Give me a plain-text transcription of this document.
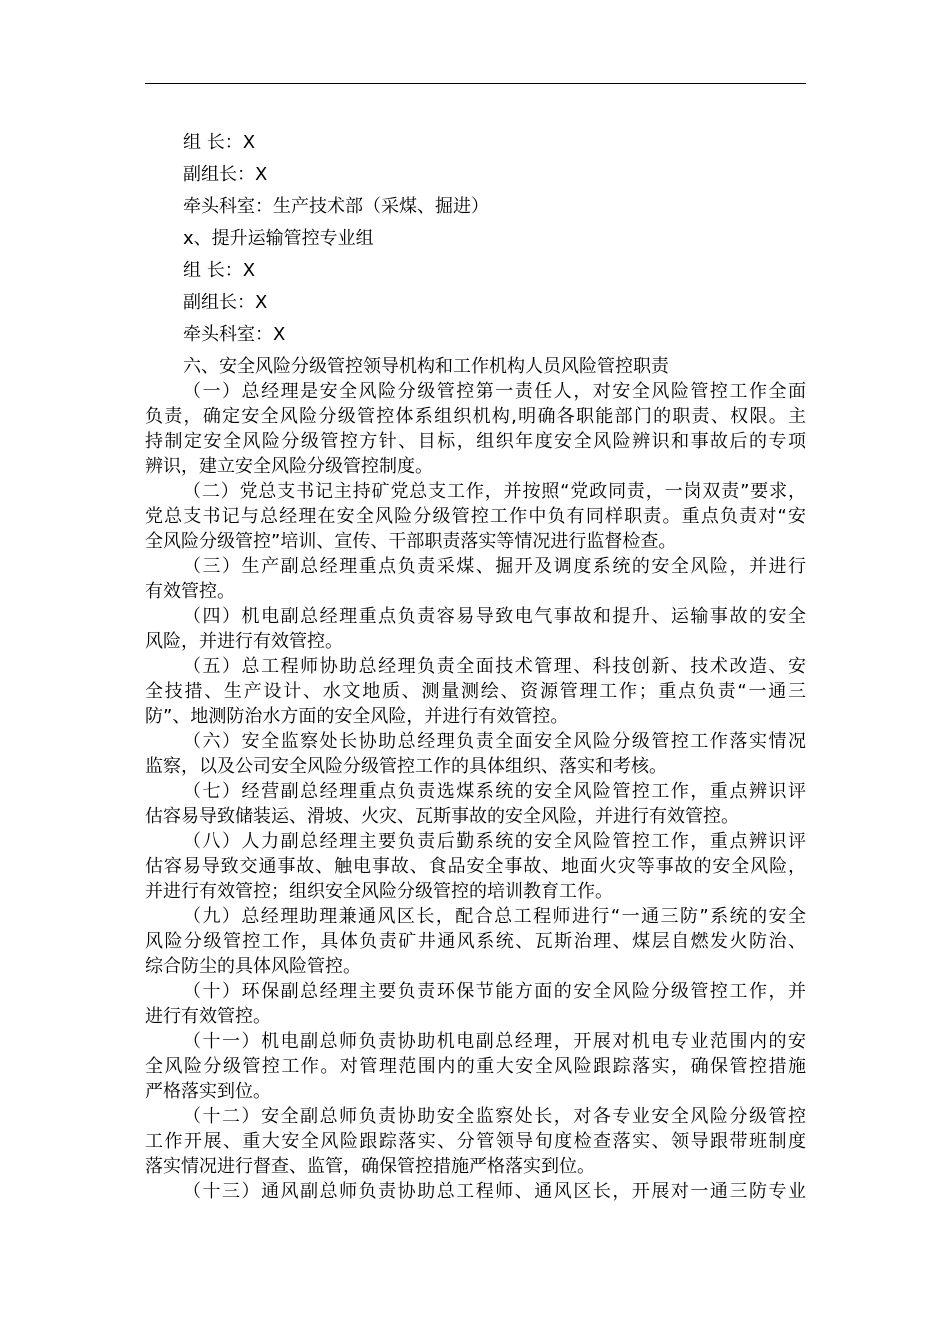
组 长：X
副组长：X
牵头科室：生产技术部（采煤、掘进）
x、提升运输管控专业组
组 长：X
副组长：X
牵头科室：X
六、安全风险分级管控领导机构和工作机构人员风险管控职责
（一）总经理是安全风险分级管控第一责任人，对安全风险管控工作全面
负责，确定安全风险分级管控体系组织机构,明确各职能部门的职责、权限。主
持制定安全风险分级管控方针、目标，组织年度安全风险辨识和事故后的专项
辨识，建立安全风险分级管控制度。
（二）党总支书记主持矿党总支工作，并按照“党政同责，一岗双责”要求，
党总支书记与总经理在安全风险分级管控工作中负有同样职责。重点负责对“安
全风险分级管控”培训、宣传、干部职责落实等情况进行监督检查。
（三）生产副总经理重点负责采煤、掘开及调度系统的安全风险，并进行
有效管控。
（四）机电副总经理重点负责容易导致电气事故和提升、运输事故的安全
风险，并进行有效管控。
（五）总工程师协助总经理负责全面技术管理、科技创新、技术改造、安
全技措、生产设计、水文地质、测量测绘、资源管理工作；重点负责“一通三
防”、地测防治水方面的安全风险，并进行有效管控。
（六）安全监察处长协助总经理负责全面安全风险分级管控工作落实情况
监察，以及公司安全风险分级管控工作的具体组织、落实和考核。
（七）经营副总经理重点负责选煤系统的安全风险管控工作，重点辨识评
估容易导致储装运、滑坡、火灾、瓦斯事故的安全风险，并进行有效管控。
（八）人力副总经理主要负责后勤系统的安全风险管控工作，重点辨识评
估容易导致交通事故、触电事故、食品安全事故、地面火灾等事故的安全风险，
并进行有效管控；组织安全风险分级管控的培训教育工作。
（九）总经理助理兼通风区长，配合总工程师进行“一通三防”系统的安全
风险分级管控工作，具体负责矿井通风系统、瓦斯治理、煤层自燃发火防治、
综合防尘的具体风险管控。
（十）环保副总经理主要负责环保节能方面的安全风险分级管控工作，并
进行有效管控。
（十一）机电副总师负责协助机电副总经理，开展对机电专业范围内的安
全风险分级管控工作。对管理范围内的重大安全风险跟踪落实，确保管控措施
严格落实到位。
（十二）安全副总师负责协助安全监察处长，对各专业安全风险分级管控
工作开展、重大安全风险跟踪落实、分管领导旬度检查落实、领导跟带班制度
落实情况进行督查、监管，确保管控措施严格落实到位。
（十三）通风副总师负责协助总工程师、通风区长，开展对一通三防专业
